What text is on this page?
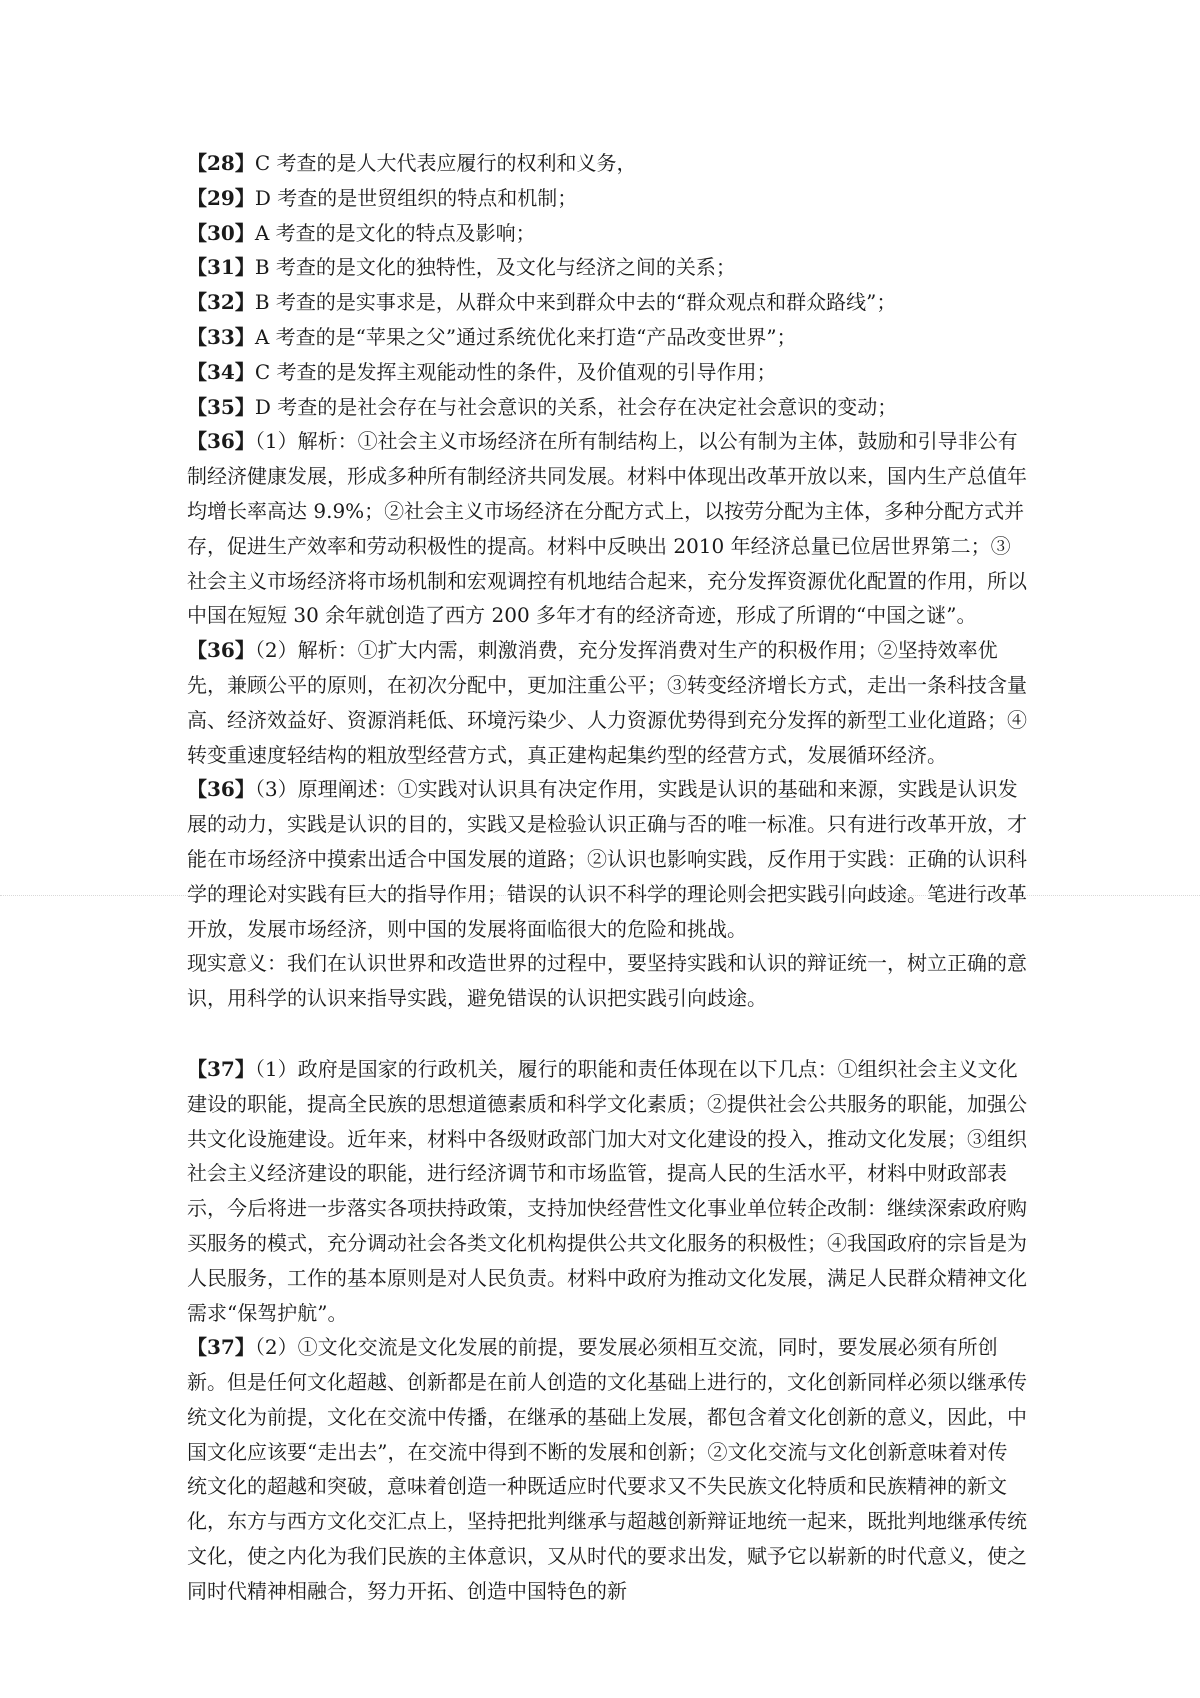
【28】C 考查的是人大代表应履行的权利和义务，

【29】D 考查的是世贸组织的特点和机制；

【30】A 考查的是文化的特点及影响；

【31】B 考查的是文化的独特性，及文化与经济之间的关系；

【32】B 考查的是实事求是，从群众中来到群众中去的“群众观点和群众路线”；

【33】A 考查的是“苹果之父”通过系统优化来打造“产品改变世界”；

【34】C 考查的是发挥主观能动性的条件，及价值观的引导作用；

【35】D 考查的是社会存在与社会意识的关系，社会存在决定社会意识的变动；

【36】（1）解析：①社会主义市场经济在所有制结构上，以公有制为主体，鼓励和引导非公有制经济健康发展，形成多种所有制经济共同发展。材料中体现出改革开放以来，国内生产总值年均增长率高达 9.9%；②社会主义市场经济在分配方式上，以按劳分配为主体，多种分配方式并存，促进生产效率和劳动积极性的提高。材料中反映出 2010 年经济总量已位居世界第二；③社会主义市场经济将市场机制和宏观调控有机地结合起来，充分发挥资源优化配置的作用，所以中国在短短 30 余年就创造了西方 200 多年才有的经济奇迹，形成了所谓的“中国之谜”。

【36】（2）解析：①扩大内需，刺激消费，充分发挥消费对生产的积极作用；②坚持效率优先，兼顾公平的原则，在初次分配中，更加注重公平；③转变经济增长方式，走出一条科技含量高、经济效益好、资源消耗低、环境污染少、人力资源优势得到充分发挥的新型工业化道路；④转变重速度轻结构的粗放型经营方式，真正建构起集约型的经营方式，发展循环经济。

【36】（3）原理阐述：①实践对认识具有决定作用，实践是认识的基础和来源，实践是认识发展的动力，实践是认识的目的，实践又是检验认识正确与否的唯一标准。只有进行改革开放，才能在市场经济中摸索出适合中国发展的道路；②认识也影响实践，反作用于实践：正确的认识科学的理论对实践有巨大的指导作用；错误的认识不科学的理论则会把实践引向歧途。笔进行改革开放，发展市场经济，则中国的发展将面临很大的危险和挑战。

现实意义：我们在认识世界和改造世界的过程中，要坚持实践和认识的辩证统一，树立正确的意识，用科学的认识来指导实践，避免错误的认识把实践引向歧途。

【37】（1）政府是国家的行政机关，履行的职能和责任体现在以下几点：①组织社会主义文化建设的职能，提高全民族的思想道德素质和科学文化素质；②提供社会公共服务的职能，加强公共文化设施建设。近年来，材料中各级财政部门加大对文化建设的投入，推动文化发展；③组织社会主义经济建设的职能，进行经济调节和市场监管，提高人民的生活水平，材料中财政部表示，今后将进一步落实各项扶持政策，支持加快经营性文化事业单位转企改制：继续深索政府购买服务的模式，充分调动社会各类文化机构提供公共文化服务的积极性；④我国政府的宗旨是为人民服务，工作的基本原则是对人民负责。材料中政府为推动文化发展，满足人民群众精神文化需求“保驾护航”。

【37】（2）①文化交流是文化发展的前提，要发展必须相互交流，同时，要发展必须有所创新。但是任何文化超越、创新都是在前人创造的文化基础上进行的，文化创新同样必须以继承传统文化为前提，文化在交流中传播，在继承的基础上发展，都包含着文化创新的意义，因此，中国文化应该要“走出去”，在交流中得到不断的发展和创新；②文化交流与文化创新意味着对传统文化的超越和突破，意味着创造一种既适应时代要求又不失民族文化特质和民族精神的新文化，东方与西方文化交汇点上，坚持把批判继承与超越创新辩证地统一起来，既批判地继承传统文化，使之内化为我们民族的主体意识，又从时代的要求出发，赋予它以崭新的时代意义，使之同时代精神相融合，努力开拓、创造中国特色的新
